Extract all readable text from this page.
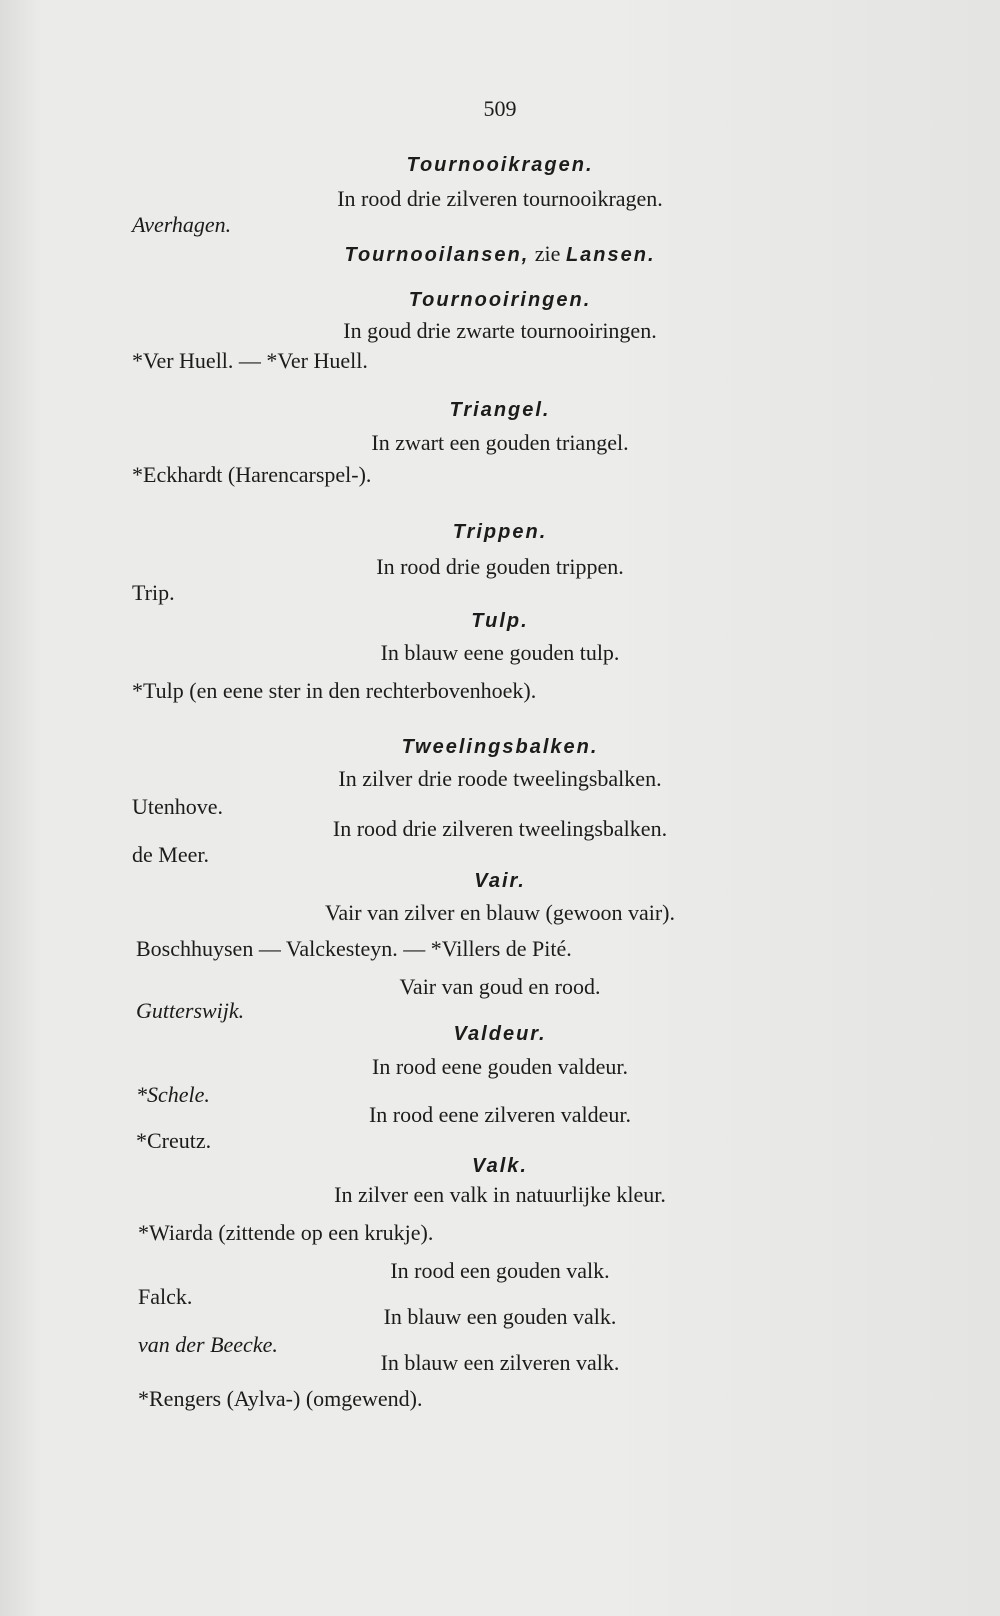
509
Tournooikragen.
In rood drie zilveren tournooikragen.
Averhagen.
Tournooilansen, zie Lansen.
Tournooiringen.
In goud drie zwarte tournooiringen.
*Ver Huell. — *Ver Huell.
Triangel.
In zwart een gouden triangel.
*Eckhardt (Harencarspel-).
Trippen.
In rood drie gouden trippen.
Trip.
Tulp.
In blauw eene gouden tulp.
*Tulp (en eene ster in den rechterbovenhoek).
Tweelingsbalken.
In zilver drie roode tweelingsbalken.
Utenhove.
In rood drie zilveren tweelingsbalken.
de Meer.
Vair.
Vair van zilver en blauw (gewoon vair).
Boschhuysen — Valckesteyn. — *Villers de Pité.
Vair van goud en rood.
Gutterswijk.
Valdeur.
In rood eene gouden valdeur.
*Schele.
In rood eene zilveren valdeur.
*Creutz.
Valk.
In zilver een valk in natuurlijke kleur.
*Wiarda (zittende op een krukje).
In rood een gouden valk.
Falck.
In blauw een gouden valk.
van der Beecke.
In blauw een zilveren valk.
*Rengers (Aylva-) (omgewend).
